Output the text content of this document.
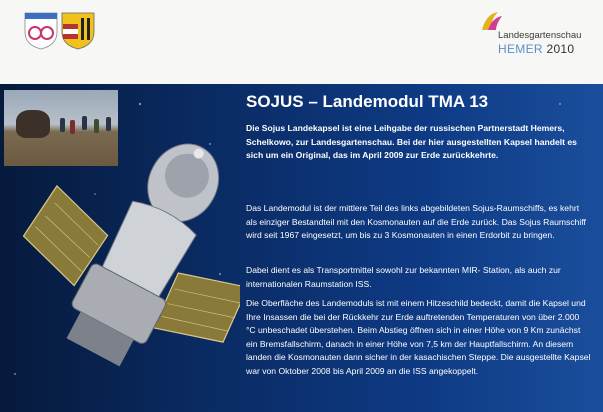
Landesgartenschau
HEMER 2010
SOJUS – Landemodul TMA 13
Die Sojus Landekapsel ist eine Leihgabe der russischen Partnerstadt Hemers, Schelkowo, zur Landesgartenschau. Bei der hier ausgestellten Kapsel handelt es sich um ein Original, das im April 2009 zur Erde zurückkehrte.
Das Landemodul ist der mittlere Teil des links abgebildeten Sojus-Raumschiffs, es kehrt als einziger Bestandteil mit den Kosmonauten auf die Erde zurück. Das Sojus Raumschiff wird seit 1967 eingesetzt, um bis zu 3 Kosmonauten in einen Erdorbit zu bringen.
Dabei dient es als Transportmittel sowohl zur bekannten MIR- Station, als auch zur internationalen Raumstation ISS.
Die Oberfläche des Landemoduls ist mit einem Hitzeschild bedeckt, damit die Kapsel und Ihre Insassen die bei der Rückkehr zur Erde auftretenden Temperaturen von über 2.000 °C unbeschadet überstehen. Beim Abstieg öffnen sich in einer Höhe von 9 Km zunächst ein Bremsfallschirm, danach in einer Höhe von 7,5 km der Hauptfallschirm. An diesem landen die Kosmonauten dann sicher in der kasachischen Steppe. Die ausgestellte Kapsel war von Oktober 2008 bis April 2009 an die ISS angekoppelt.
